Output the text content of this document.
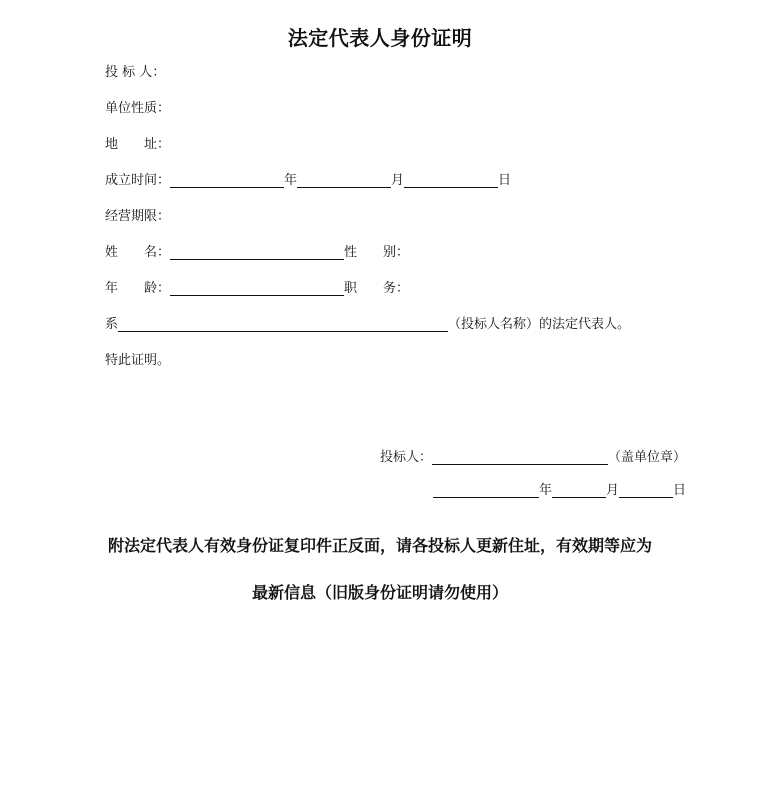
法定代表人身份证明
投 标 人：
单位性质：
地　　址：
成立时间：	年	月	日
经营期限：
姓　　名：	性　　别：
年　　龄：	职　　务：
系	（投标人名称）的法定代表人。
特此证明。
投标人：	（盖单位章）
年	月	日
附法定代表人有效身份证复印件正反面，请各投标人更新住址，有效期等应为
最新信息（旧版身份证明请勿使用）
